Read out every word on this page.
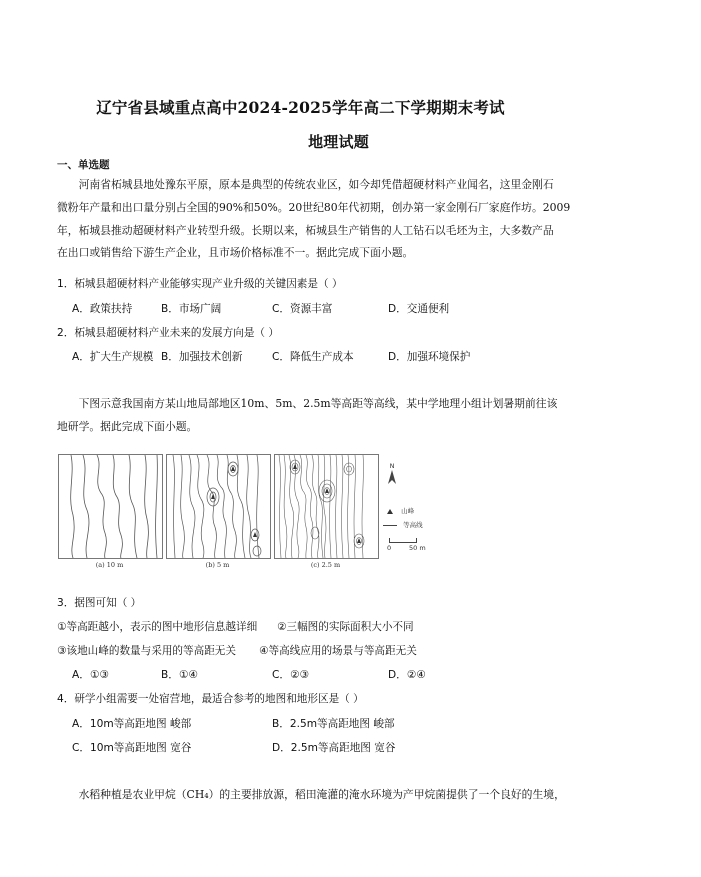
辽宁省县域重点高中2024-2025学年高二下学期期末考试
地理试题
一、单选题
河南省柘城县地处豫东平原，原本是典型的传统农业区，如今却凭借超硬材料产业闻名，这里金刚石
微粉年产量和出口量分别占全国的90%和50%。20世纪80年代初期，创办第一家金刚石厂家庭作坊。2009
年，柘城县推动超硬材料产业转型升级。长期以来，柘城县生产销售的人工钻石以毛坯为主，大多数产品
在出口或销售给下游生产企业，且市场价格标准不一。据此完成下面小题。
1．柘城县超硬材料产业能够实现产业升级的关键因素是（ ）
A．政策扶持	B．市场广阔	C．资源丰富	D．交通便利
2．柘城县超硬材料产业未来的发展方向是（ ）
A．扩大生产规模 B．加强技术创新	C．降低生产成本	D．加强环境保护
下图示意我国南方某山地局部地区10m、5m、2.5m等高距等高线，某中学地理小组计划暑期前往该
地研学。据此完成下面小题。
(a) 10 m	(b) 5 m	(c) 2.5 m
N
山峰
等高线
0	50 m
3．据图可知（ ）
①等高距越小，表示的图中地形信息越详细 ②三幅图的实际面积大小不同
③该地山峰的数量与采用的等高距无关 ④等高线应用的场景与等高距无关
A．①③	B．①④	C．②③	D．②④
4．研学小组需要一处宿营地，最适合参考的地图和地形区是（ ）
A．10m等高距地图 峻部	B．2.5m等高距地图 峻部
C．10m等高距地图 宽谷	D．2.5m等高距地图 宽谷
水稻种植是农业甲烷（CH₄）的主要排放源，稻田淹灌的淹水环境为产甲烷菌提供了一个良好的生境，
